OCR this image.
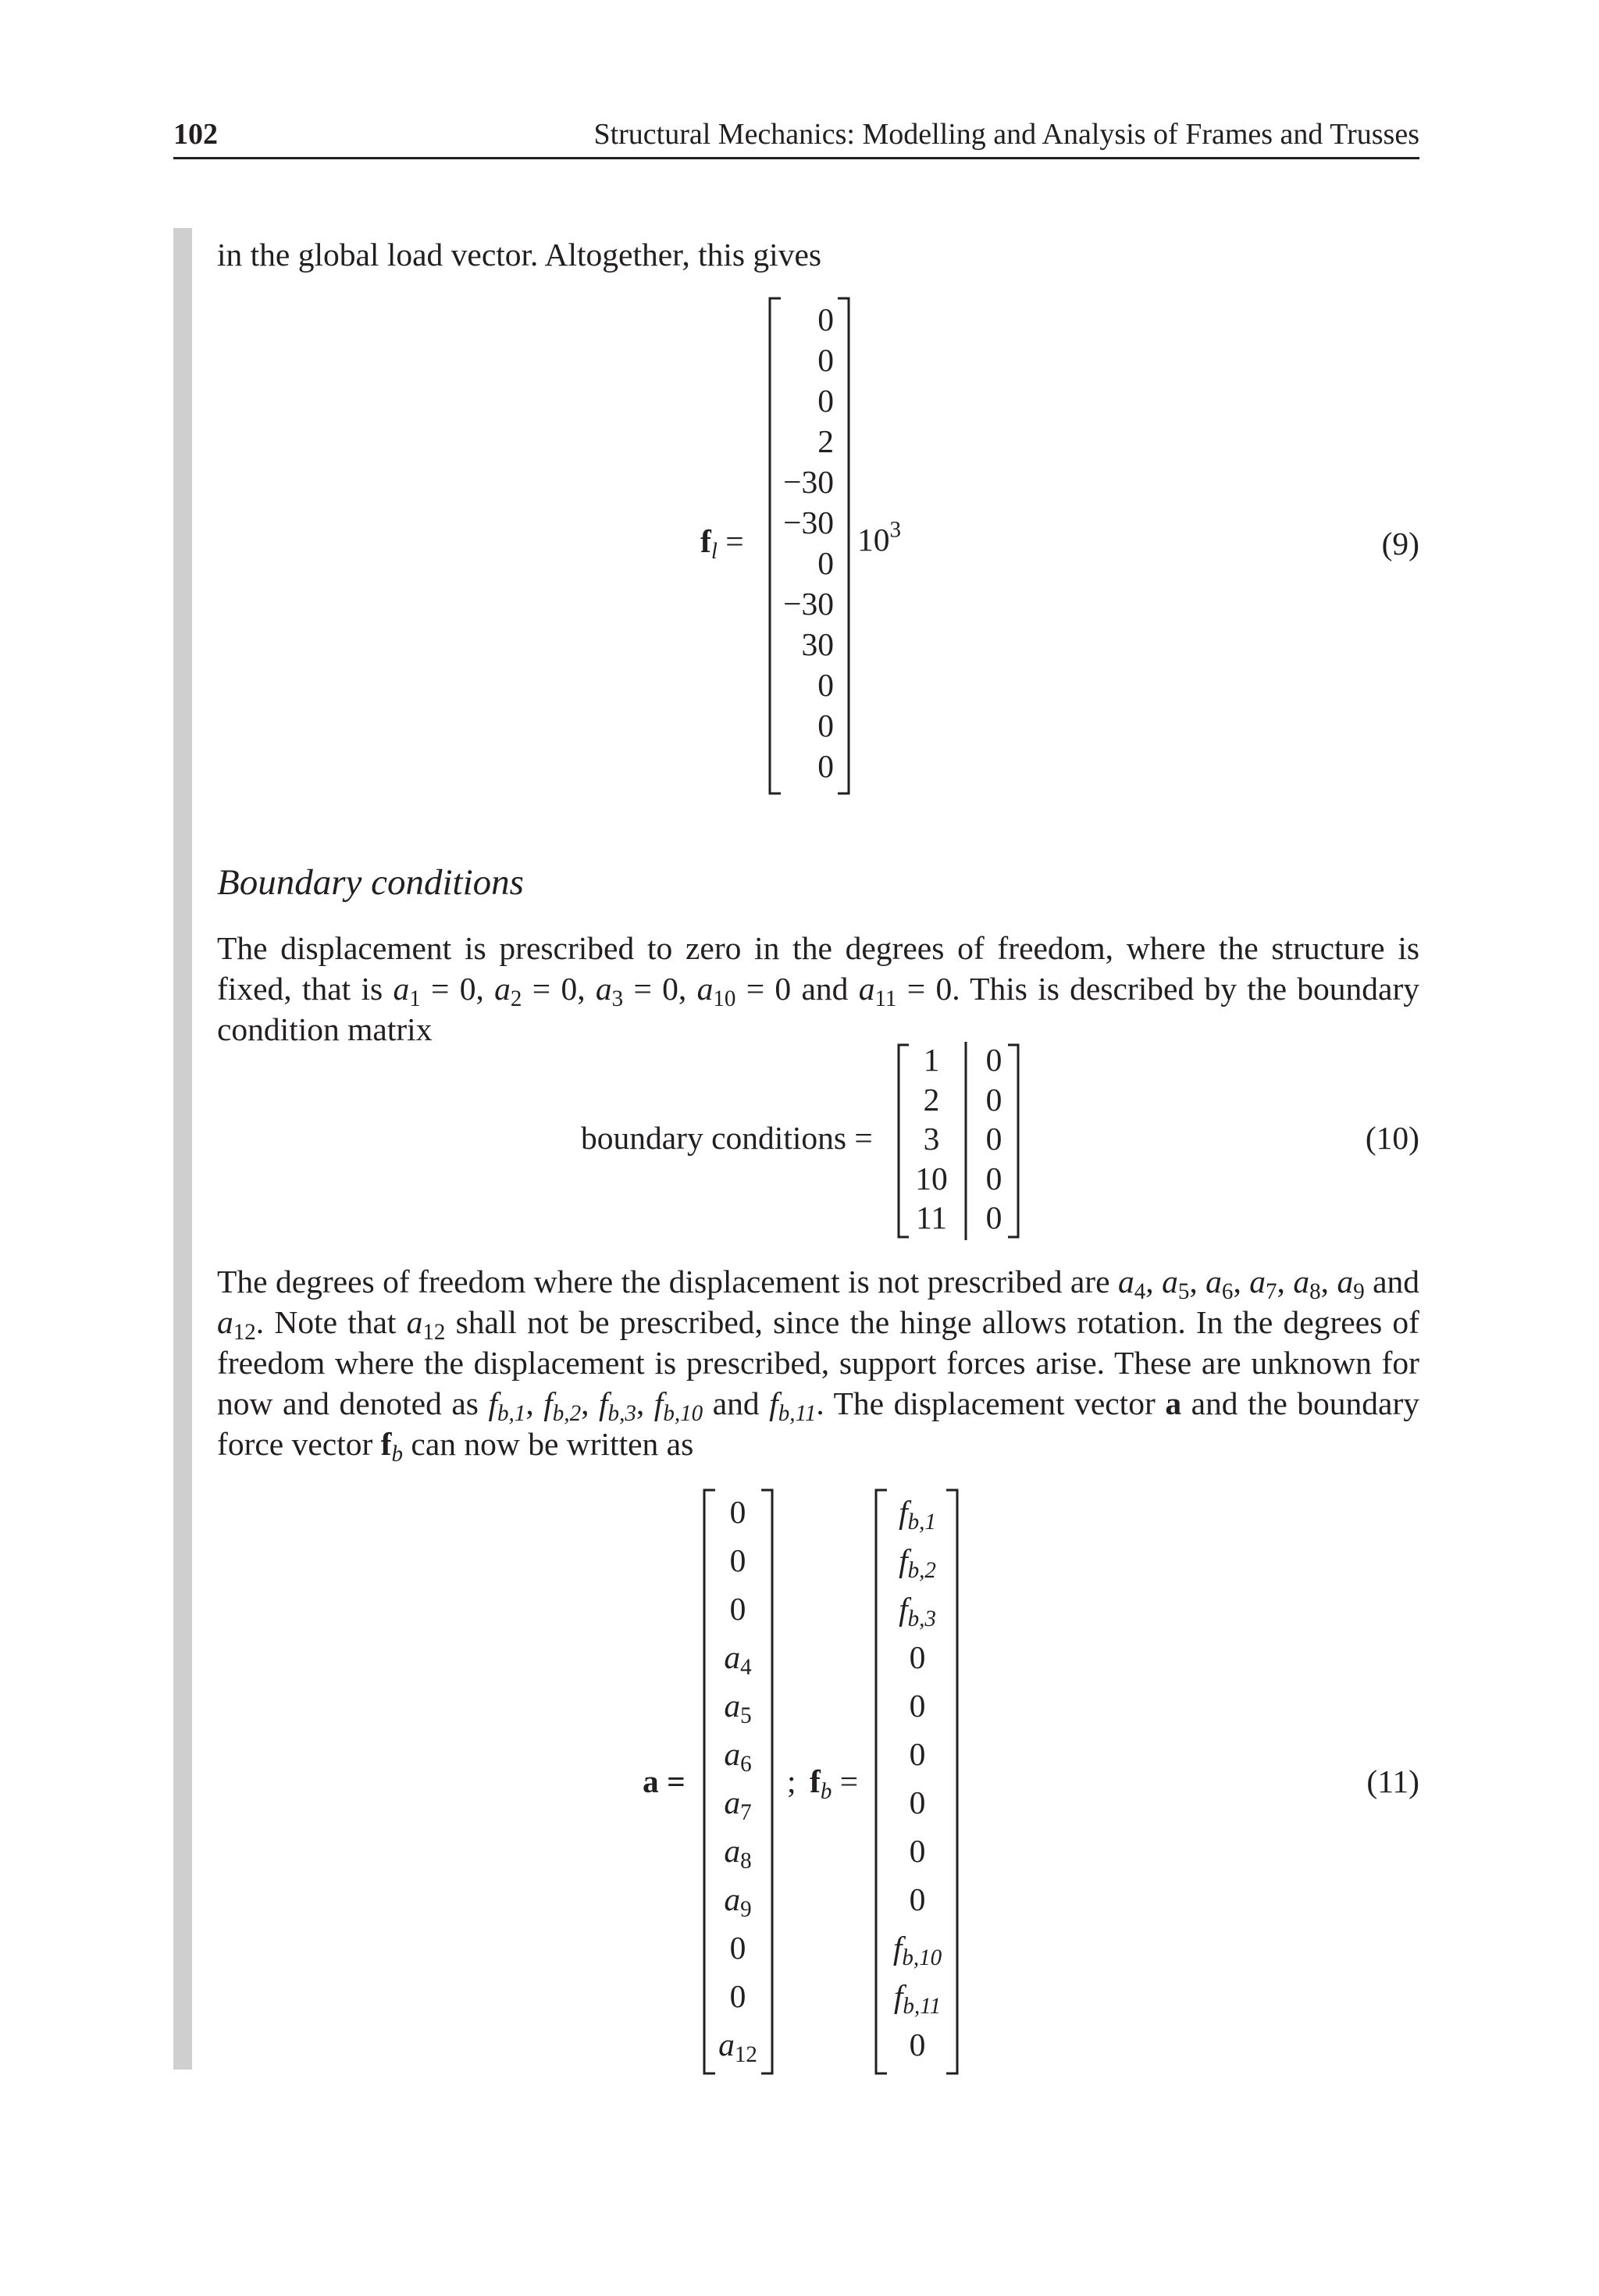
102	Structural Mechanics: Modelling and Analysis of Frames and Trusses
in the global load vector. Altogether, this gives
$f_l$ =
0
0
0
2
−30
−30
0
−30
30
0
0
0
$10^3$	(9)
Boundary conditions
The displacement is prescribed to zero in the degrees of freedom, where the structure is fixed, that is $a_1 = 0$, $a_2 = 0$, $a_3 = 0$, $a_{10} = 0$ and $a_{11} = 0$. This is described by the boundary condition matrix
boundary conditions =
1
2
3
10
11
0
0
0
0
0
(10)
The degrees of freedom where the displacement is not prescribed are $a_4$, $a_5$, $a_6$, $a_7$, $a_8$, $a_9$ and $a_{12}$. Note that $a_{12}$ shall not be prescribed, since the hinge allows rotation. In the degrees of freedom where the displacement is prescribed, support forces arise. These are unknown for now and denoted as $f_{b,1}$, $f_{b,2}$, $f_{b,3}$, $f_{b,10}$ and $f_{b,11}$. The displacement vector a and the boundary force vector $f_b$ can now be written as
a =
0
0
0
$a_4$
$a_5$
$a_6$
$a_7$
$a_8$
$a_9$
0
0
$a_{12}$
; $f_b$ =
$f_{b,1}$
$f_{b,2}$
$f_{b,3}$
0
0
0
0
0
0
$f_{b,10}$
$f_{b,11}$
0
(11)
